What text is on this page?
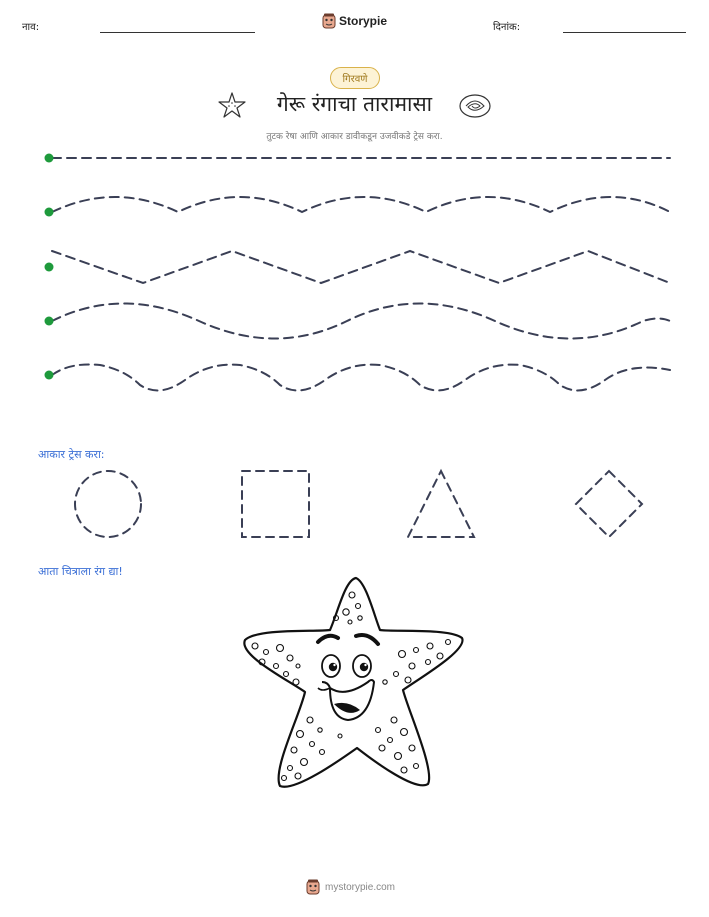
नाव:	Storypie	दिनांक:
गिरवणे
गेरू रंगाचा तारामासा
तुटक रेषा आणि आकार डावीकडून उजवीकडे ट्रेस करा.
आकार ट्रेस करा:
आता चित्राला रंग द्या!
mystorypie.com
